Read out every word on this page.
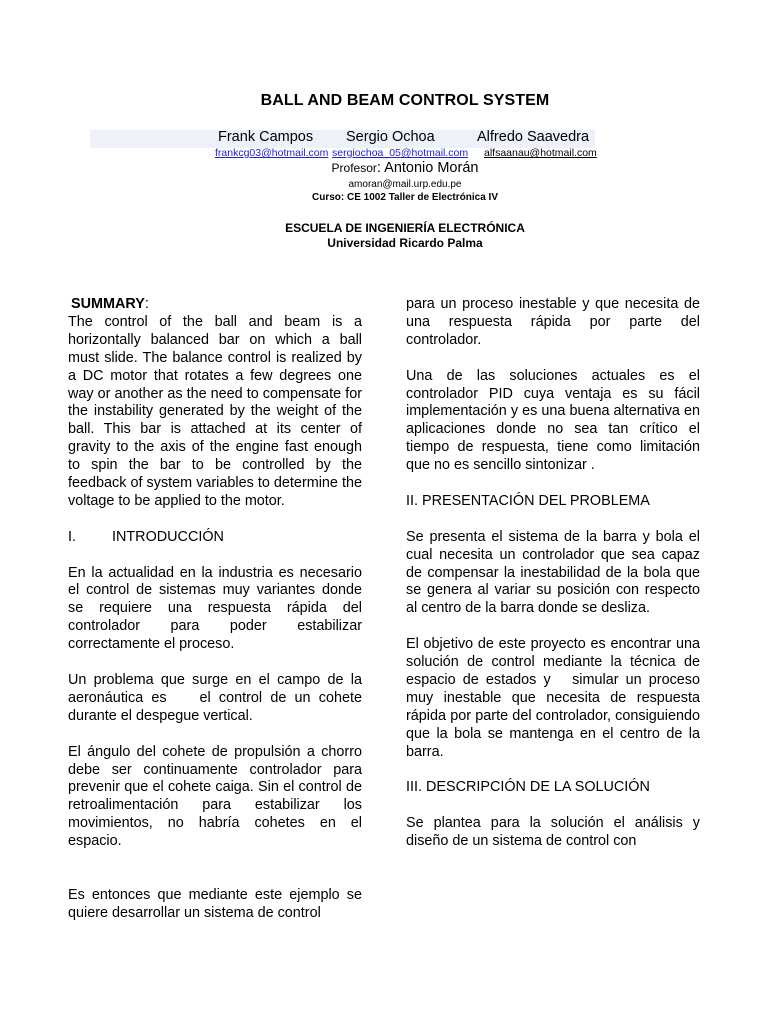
BALL AND BEAM CONTROL SYSTEM
Frank Campos Sergio Ochoa	Alfredo Saavedra
frankcg03@hotmail.com sergiochoa_05@hotmail.com alfsaanau@hotmail.com
Profesor: Antonio Morán
amoran@mail.urp.edu.pe
Curso: CE 1002 Taller de Electrónica IV
ESCUELA DE INGENIERÍA ELECTRÓNICA
Universidad Ricardo Palma

SUMMARY:

The control of the ball and beam is a horizontally balanced bar on which a ball must slide. The balance control is realized by a DC motor that rotates a few degrees one way or another as the need to compensate for the instability generated by the weight of the ball. This bar is attached at its center of gravity to the axis of the engine fast enough to spin the bar to be controlled by the feedback of system variables to determine the voltage to be applied to the motor.

I.	INTRODUCCIÓN

En la actualidad en la industria es necesario el control de sistemas muy variantes donde se requiere una respuesta rápida del controlador para poder estabilizar correctamente el proceso.

Un problema que surge en el campo de la aeronáutica es    el control de un cohete durante el despegue vertical.

El ángulo del cohete de propulsión a chorro debe ser continuamente controlador para prevenir que el cohete caiga. Sin el control de retroalimentación para estabilizar los movimientos, no habría cohetes en el espacio.

Es entonces que mediante este ejemplo se quiere desarrollar un sistema de control

para un proceso inestable y que necesita de una respuesta rápida por parte del controlador.

Una de las soluciones actuales es el controlador PID cuya ventaja es su fácil implementación y es una buena alternativa en aplicaciones donde no sea tan crítico el tiempo de respuesta, tiene como limitación que no es sencillo sintonizar .

II. PRESENTACIÓN DEL PROBLEMA

Se presenta el sistema de la barra y bola el cual necesita un controlador que sea capaz de compensar la inestabilidad de la bola que se genera al variar su posición con respecto al centro de la barra donde se desliza.

El objetivo de este proyecto es encontrar una solución de control mediante la técnica de espacio de estados y   simular un proceso muy inestable que necesita de respuesta rápida por parte del controlador, consiguiendo que la bola se mantenga en el centro de la barra.

III. DESCRIPCIÓN DE LA SOLUCIÓN

Se plantea para la solución el análisis y diseño de un sistema de control con
